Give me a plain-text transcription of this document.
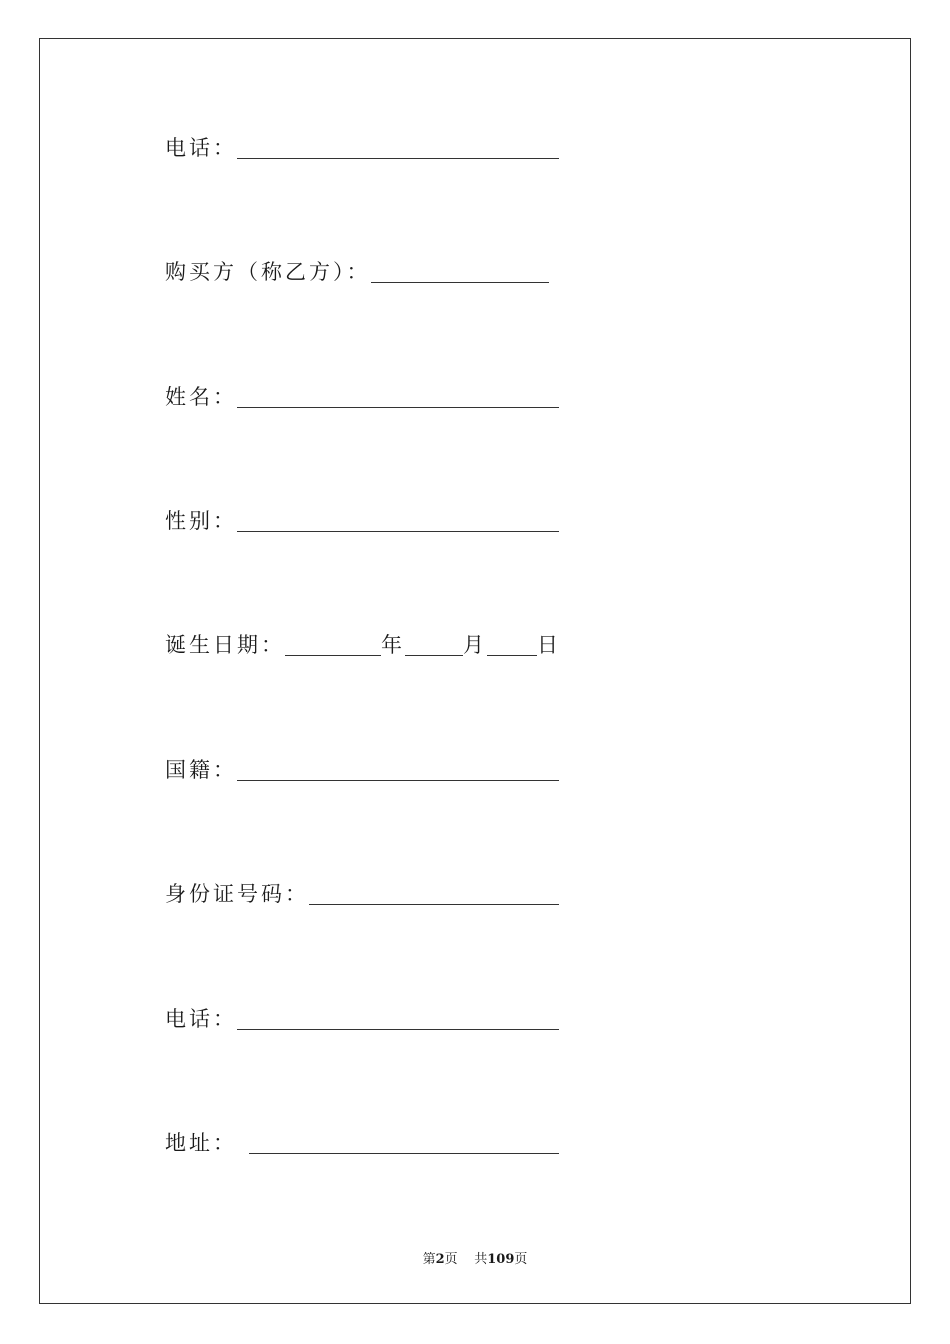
电话：
购买方（称乙方）：
姓名：
性别：
诞生日期：	年	月 日
国籍：
身份证号码：
电话：
地址：
第2页 共109页
